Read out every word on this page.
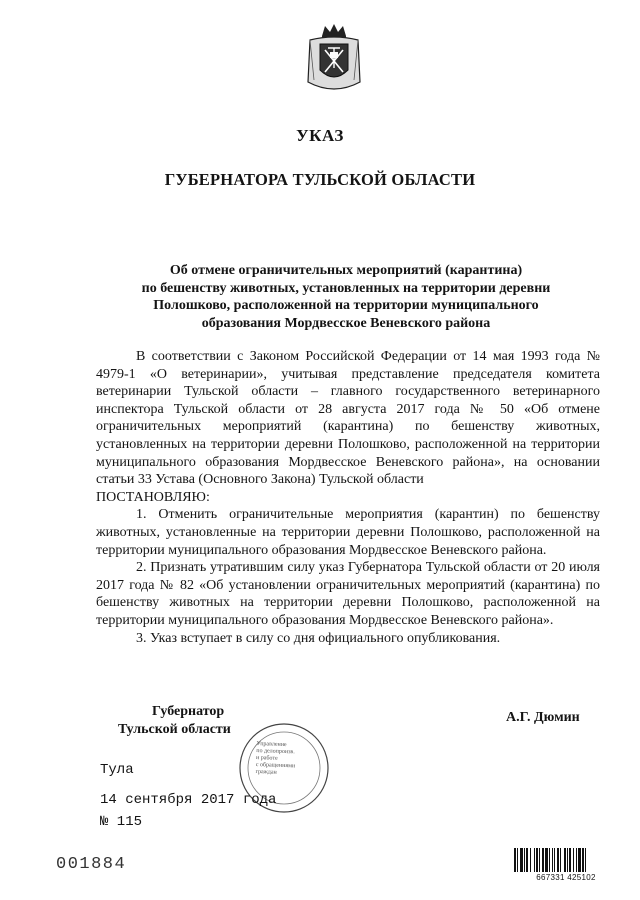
УКАЗ
ГУБЕРНАТОРА ТУЛЬСКОЙ ОБЛАСТИ
Об отмене ограничительных мероприятий (карантина)
по бешенству животных, установленных на территории деревни
Полошково, расположенной на территории муниципального
образования Мордвесское Веневского района

В соответствии с Законом Российской Федерации от 14 мая 1993 года № 4979-1 «О ветеринарии», учитывая представление председателя комитета ветеринарии Тульской области – главного государственного ветеринарного инспектора Тульской области от 28 августа 2017 года № 50 «Об отмене ограничительных мероприятий (карантина) по бешенству животных, установленных на территории деревни Полошково, расположенной на территории муниципального образования Мордвесское Веневского района», на основании статьи 33 Устава (Основного Закона) Тульской области

ПОСТАНОВЛЯЮ:

1. Отменить ограничительные мероприятия (карантин) по бешенству животных, установленные на территории деревни Полошково, расположенной на территории муниципального образования Мордвесское Веневского района.

2. Признать утратившим силу указ Губернатора Тульской области от 20 июля 2017 года № 82 «Об установлении ограничительных мероприятий (карантина) по бешенству животных на территории деревни Полошково, расположенной на территории муниципального образования Мордвесское Веневского района».

3. Указ вступает в силу со дня официального опубликования.

Управление
по делопроизв.
и работе
с обращениями
граждан
Губернатор
Тульской области
А.Г. Дюмин
Тула
14 сентября 2017 года
№ 115
001884
667331 425102
